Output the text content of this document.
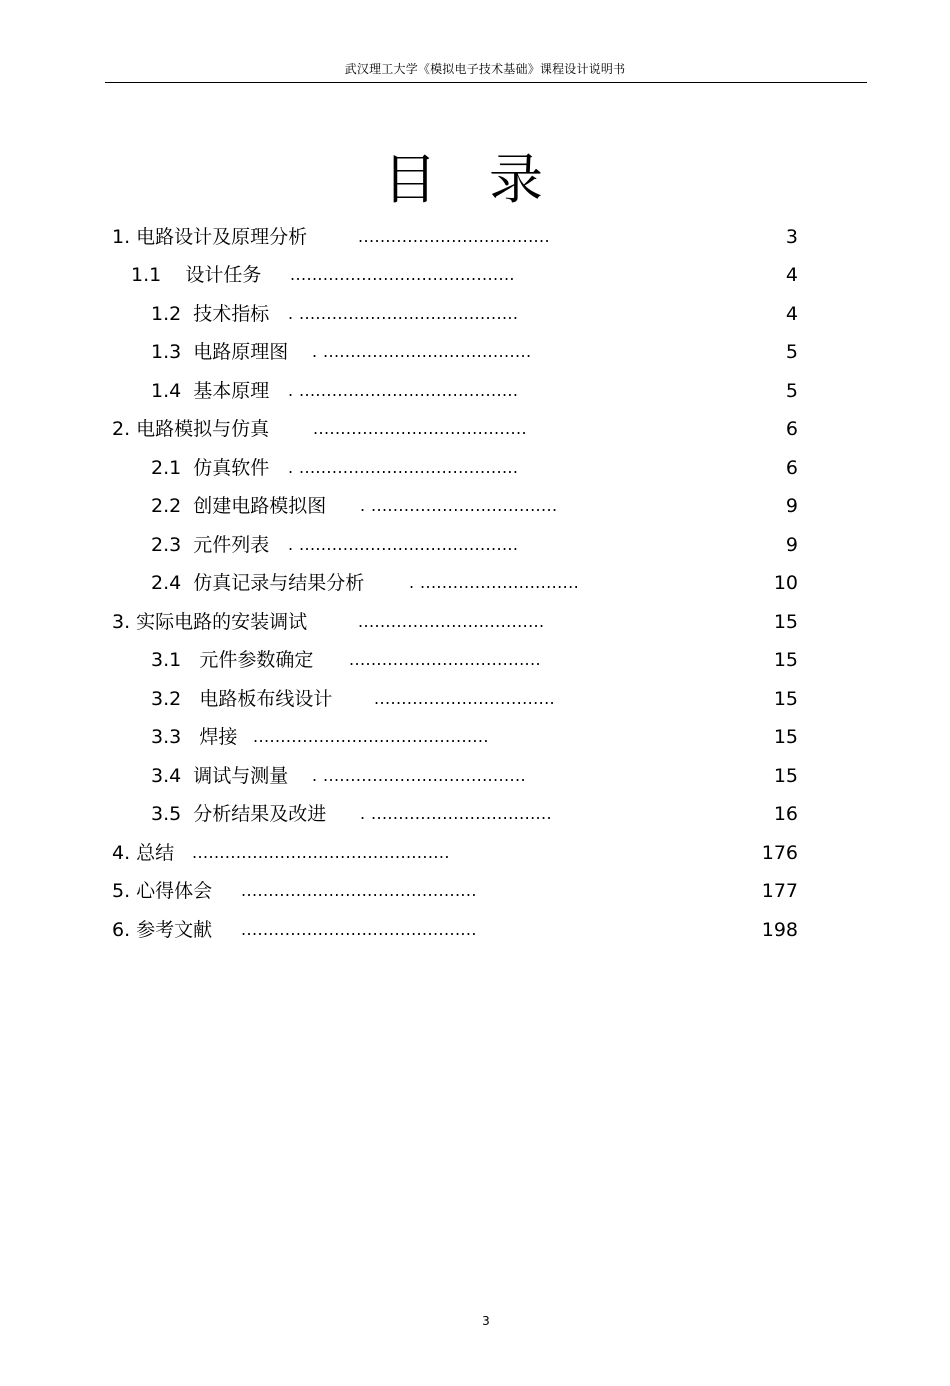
武汉理工大学《模拟电子技术基础》课程设计说明书
目录
1. 电路设计及原理分析	...................................	3
1.1    设计任务 .........................................	4
1.2  技术指标 . ........................................	4
1.3  电路原理图 . ......................................	5
1.4  基本原理 . ........................................	5
2. 电路模拟与仿真	.......................................	6
2.1  仿真软件 . ........................................	6
2.2  创建电路模拟图 . ..................................	9
2.3  元件列表 . ........................................	9
2.4  仿真记录与结果分析	. .............................	10
3. 实际电路的安装调试	..................................	15
3.1   元件参数确定 ...................................	15
3.2   电路板布线设计	.................................	15
3.3   焊接 ...........................................	15
3.4  调试与测量 . .....................................	15
3.5  分析结果及改进 . .................................	16
4. 总结 ...............................................	176
5. 心得体会 ...........................................	177
6. 参考文献 ...........................................	198
3
